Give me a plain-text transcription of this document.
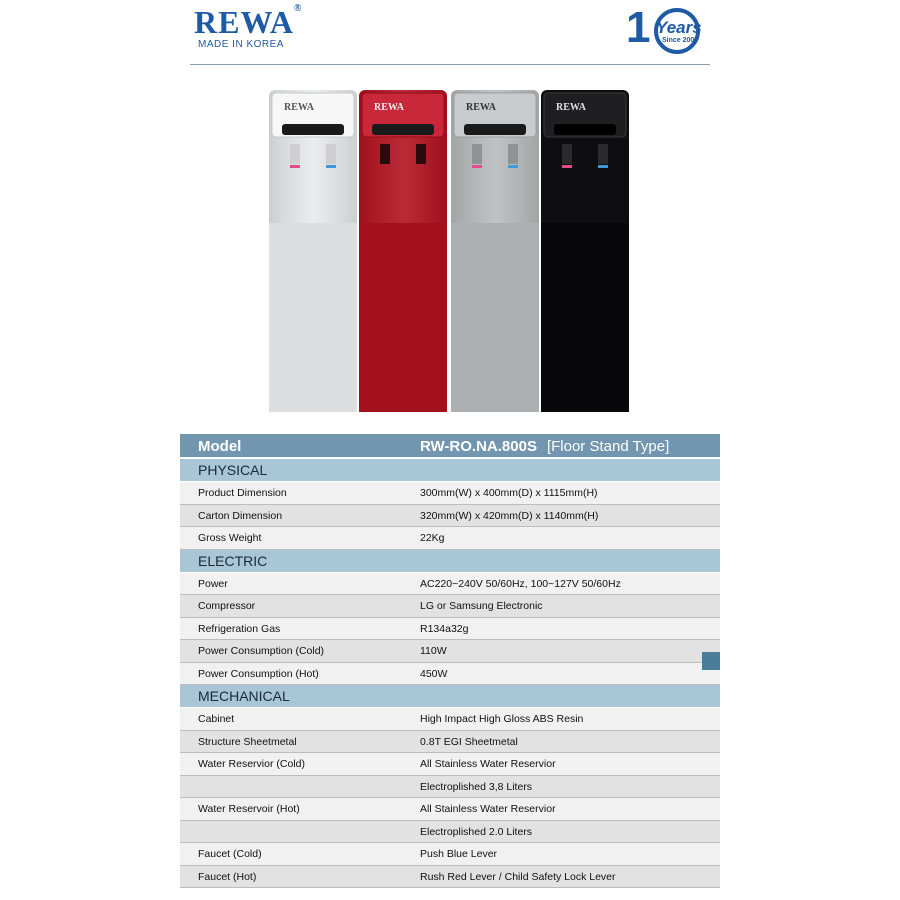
REWA®
MADE IN KOREA	1 Years
Since 2007
REWA	REWA	REWA	REWA
Model	RW-RO.NA.800S [Floor Stand Type]
PHYSICAL
Product Dimension	300mm(W) x 400mm(D) x 1115mm(H)
Carton Dimension	320mm(W) x 420mm(D) x 1140mm(H)
Gross Weight	22Kg
ELECTRIC
Power	AC220~240V 50/60Hz, 100~127V 50/60Hz
Compressor	LG or Samsung Electronic
Refrigeration Gas	R134a32g
Power Consumption (Cold)	110W
Power Consumption (Hot)	450W
MECHANICAL
Cabinet	High Impact High Gloss ABS Resin
Structure Sheetmetal	0.8T EGI Sheetmetal
Water Reservior (Cold)	All Stainless Water Reservior
Electroplished 3,8 Liters
Water Reservoir (Hot)	All Stainless Water Reservior
Electroplished 2.0 Liters
Faucet (Cold)	Push Blue Lever
Faucet (Hot)	Rush Red Lever / Child Safety Lock Lever
